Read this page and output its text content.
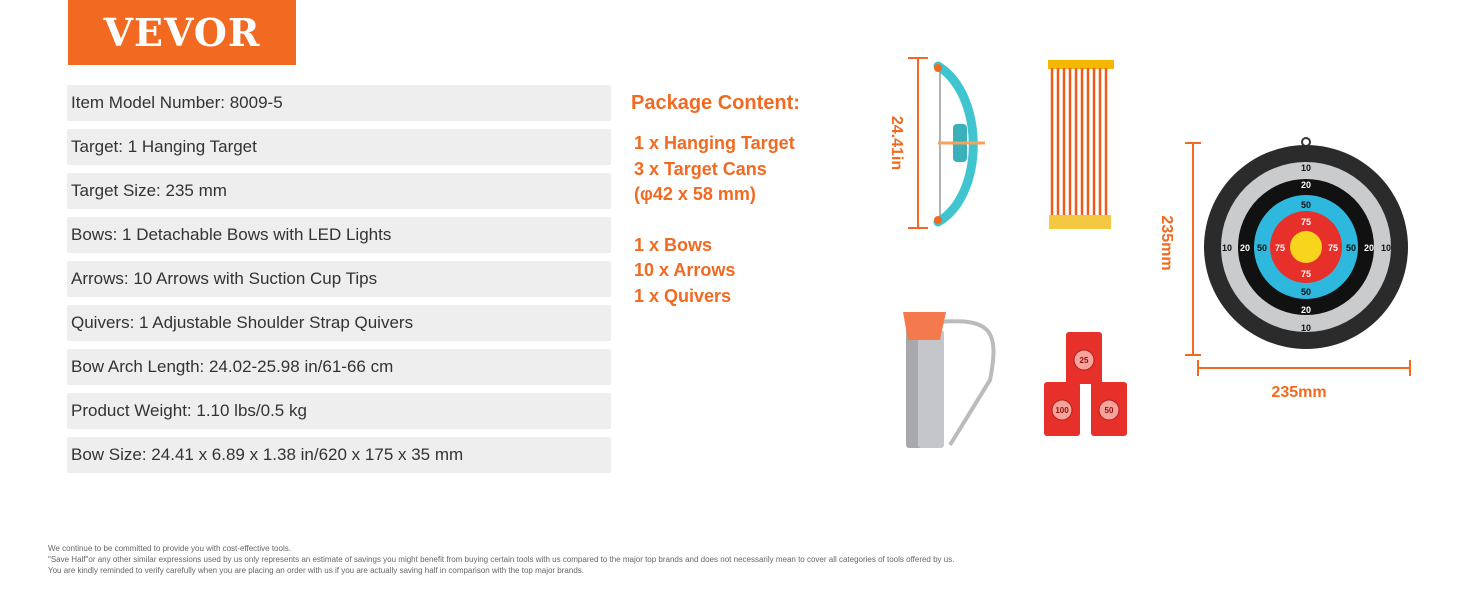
VEVOR
Item Model Number: 8009-5
Target: 1 Hanging Target
Target Size: 235 mm
Bows: 1 Detachable Bows with LED Lights
Arrows: 10 Arrows with Suction Cup Tips
Quivers: 1 Adjustable Shoulder Strap Quivers
Bow Arch Length: 24.02-25.98 in/61-66 cm
Product Weight: 1.10 lbs/0.5 kg
Bow Size: 24.41 x 6.89 x 1.38 in/620 x 175 x 35 mm
Package Content:
1 x Hanging Target
3 x Target Cans
(φ42 x 58 mm)
1 x Bows
10 x Arrows
1 x Quivers
10
10
10	10
20
20
20	20
50
50
50	50
75
75
75	75
25
100	50
24.41in
235mm
235mm
We continue to be committed to provide you with cost-effective tools.
"Save Half"or any other similar expressions used by us only represents an estimate of savings you might benefit from buying certain tools with us compared to the major top brands and does not necessarily mean to cover all categories of tools offered by us.
You are kindly reminded to verify carefully when you are placing an order with us if you are actually saving half in comparison with the top major brands.
